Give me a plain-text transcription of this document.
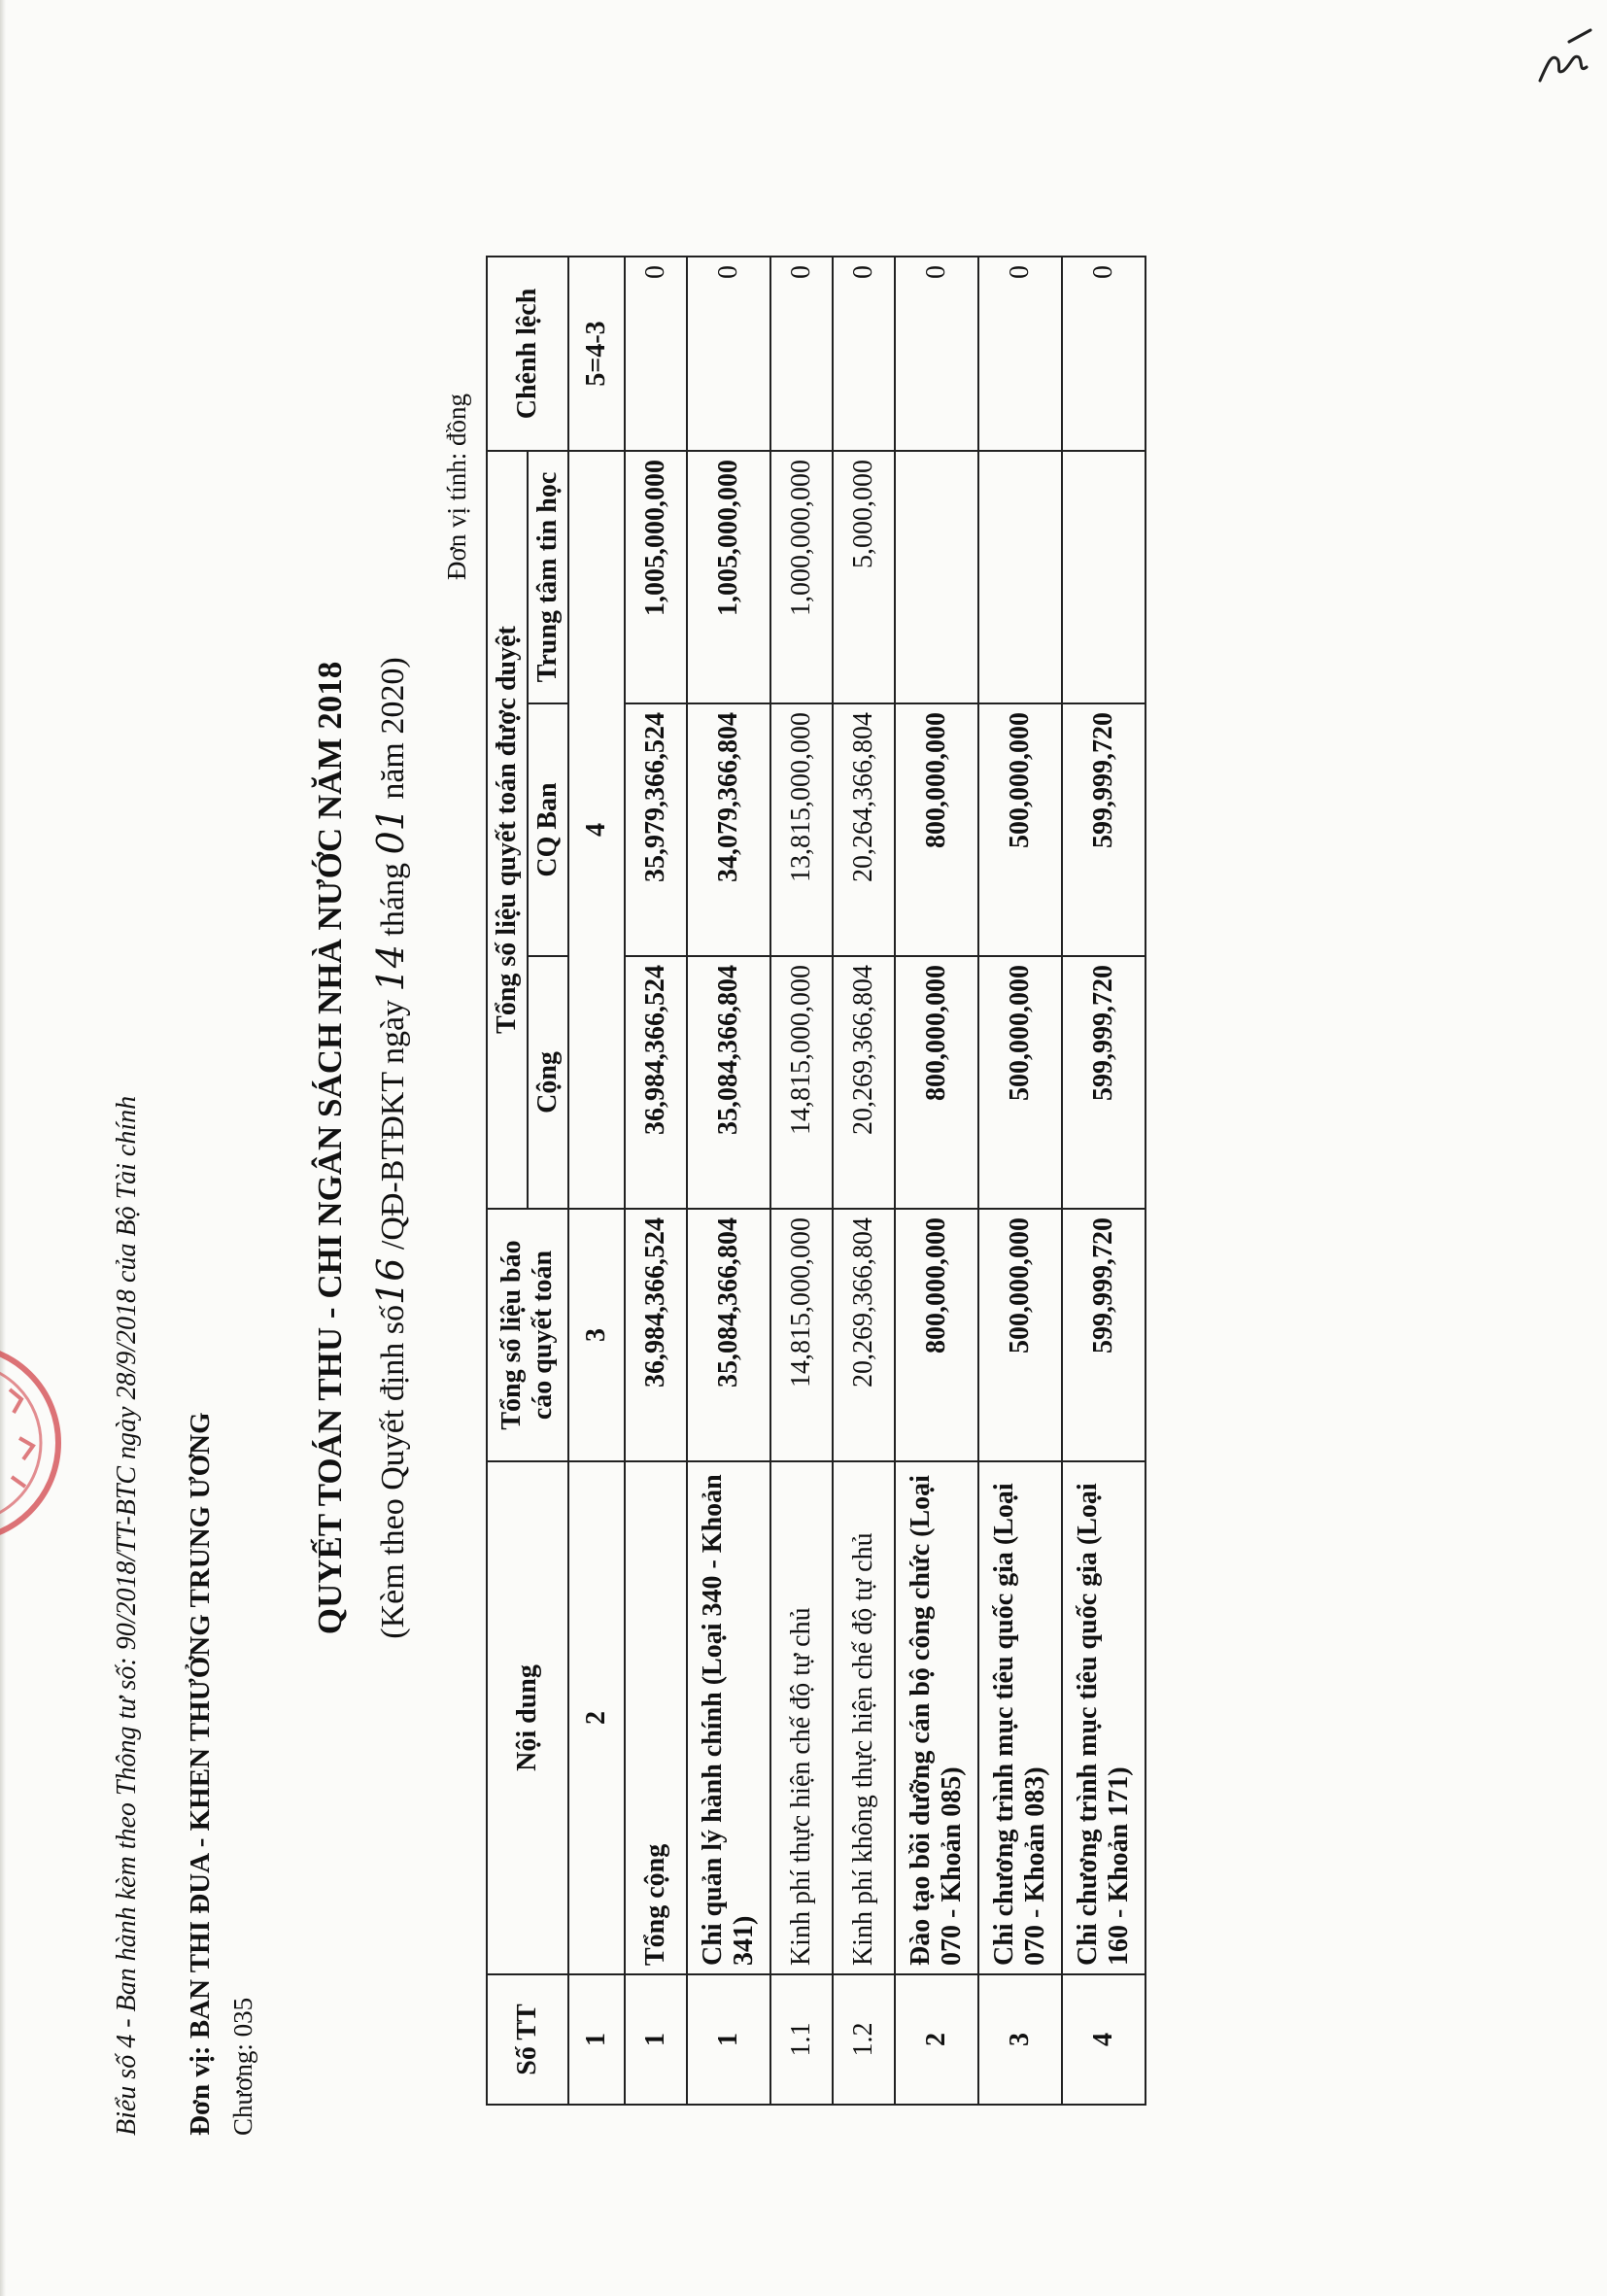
Biểu số 4 - Ban hành kèm theo Thông tư số: 90/2018/TT-BTC ngày 28/9/2018 của Bộ Tài chính Đơn vị: BAN THI ĐUA - KHEN THƯỞNG TRUNG ƯƠNG
Chương: 035
QUYẾT TOÁN THU - CHI NGÂN SÁCH NHÀ NƯỚC NĂM 2018 (Kèm theo Quyết định số16 /QĐ-BTĐKT ngày 14 tháng 01 năm 2020)
Đơn vị tính: đồng
Số TT	Nội dung	Tổng số liệu báo cáo quyết toán	Tổng số liệu quyết toán được duyệt			Chênh lệch
			Cộng	CQ Ban	Trung tâm tin học	
1	2	3	4			5=4-3
1	Tổng cộng	36,984,366,524	36,984,366,524	35,979,366,524	1,005,000,000	0
1	Chi quản lý hành chính (Loại 340 - Khoản 341)	35,084,366,804	35,084,366,804	34,079,366,804	1,005,000,000	0
1.1	Kinh phí thực hiện chế độ tự chủ	14,815,000,000	14,815,000,000	13,815,000,000	1,000,000,000	0
1.2	Kinh phí không thực hiện chế độ tự chủ	20,269,366,804	20,269,366,804	20,264,366,804	5,000,000	0
2	Đào tạo bồi dưỡng cán bộ công chức (Loại 070 - Khoản 085)	800,000,000	800,000,000	800,000,000		0
3	Chi chương trình mục tiêu quốc gia (Loại 070 - Khoản 083)	500,000,000	500,000,000	500,000,000		0
4	Chi chương trình mục tiêu quốc gia (Loại 160 - Khoản 171)	599,999,720	599,999,720	599,999,720		0
